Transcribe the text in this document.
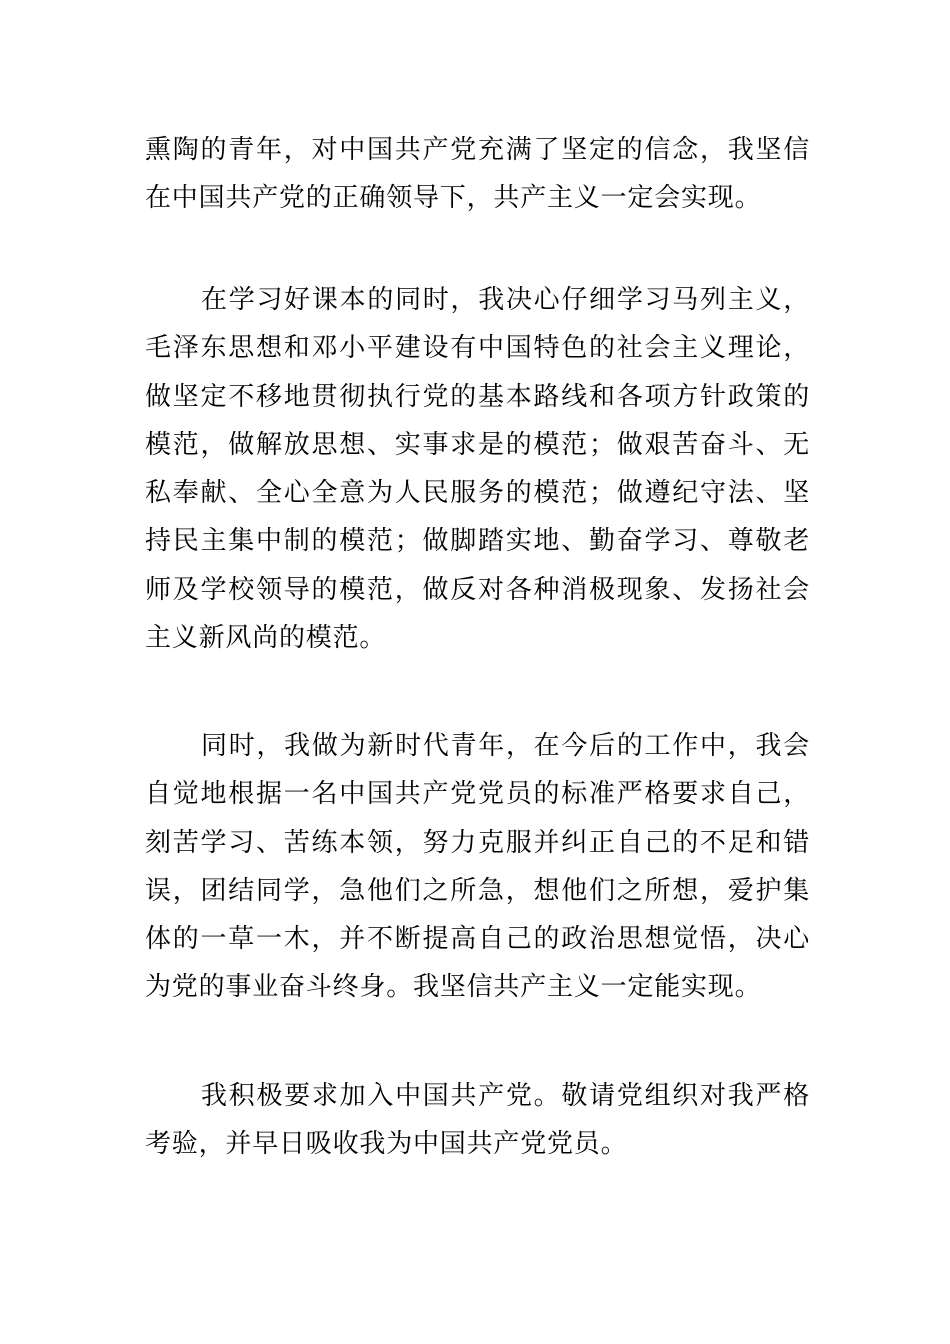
熏陶的青年，对中国共产党充满了坚定的信念，我坚信在中国共产党的正确领导下，共产主义一定会实现。

在学习好课本的同时，我决心仔细学习马列主义，毛泽东思想和邓小平建设有中国特色的社会主义理论，做坚定不移地贯彻执行党的基本路线和各项方针政策的模范，做解放思想、实事求是的模范；做艰苦奋斗、无私奉献、全心全意为人民服务的模范；做遵纪守法、坚持民主集中制的模范；做脚踏实地、勤奋学习、尊敬老师及学校领导的模范，做反对各种消极现象、发扬社会主义新风尚的模范。

同时，我做为新时代青年，在今后的工作中，我会自觉地根据一名中国共产党党员的标准严格要求自己，刻苦学习、苦练本领，努力克服并纠正自己的不足和错误，团结同学，急他们之所急，想他们之所想，爱护集体的一草一木，并不断提高自己的政治思想觉悟，决心为党的事业奋斗终身。我坚信共产主义一定能实现。

我积极要求加入中国共产党。敬请党组织对我严格考验，并早日吸收我为中国共产党党员。
